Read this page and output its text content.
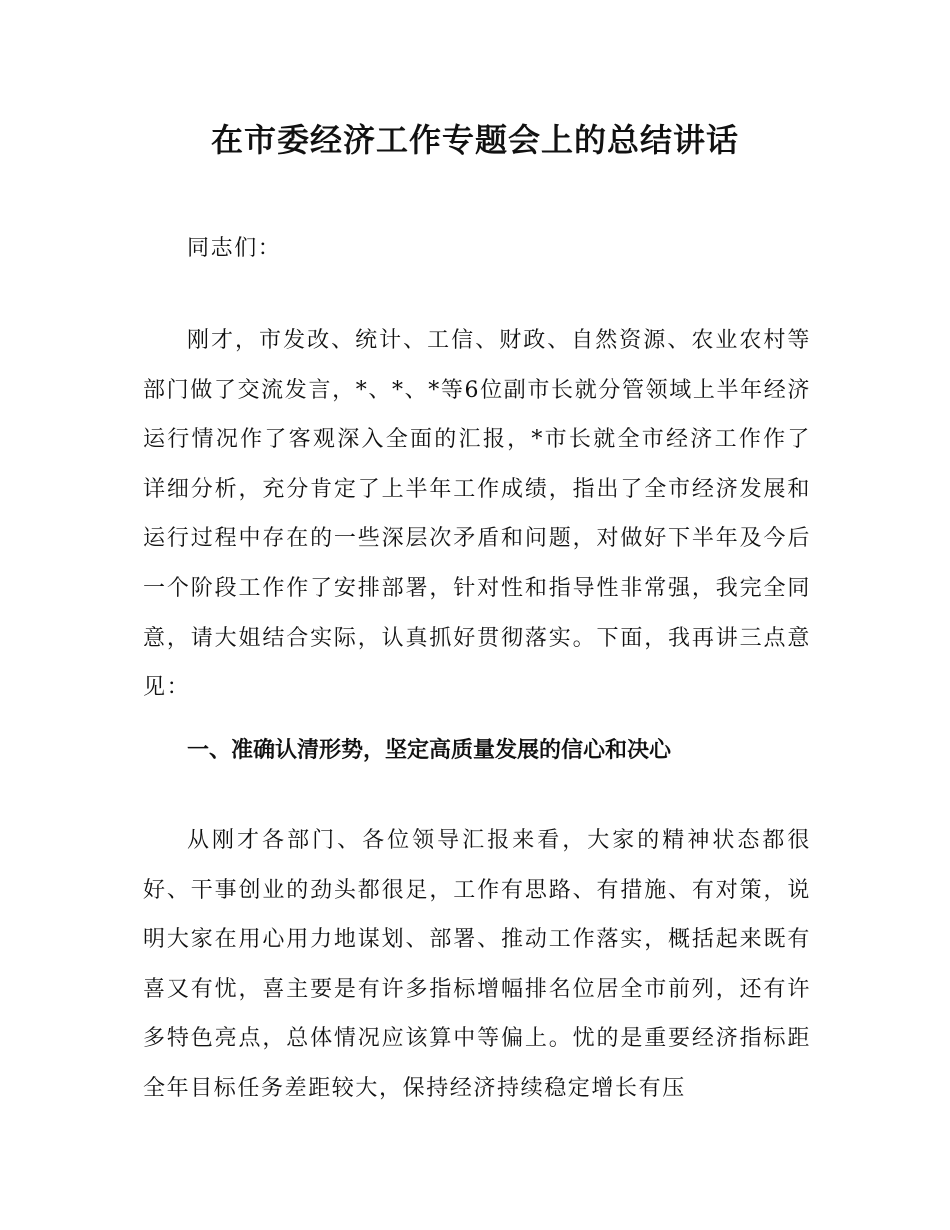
在市委经济工作专题会上的总结讲话

同志们：

刚才，市发改、统计、工信、财政、自然资源、农业农村等部门做了交流发言，*、*、*等6位副市长就分管领域上半年经济运行情况作了客观深入全面的汇报，*市长就全市经济工作作了详细分析，充分肯定了上半年工作成绩，指出了全市经济发展和运行过程中存在的一些深层次矛盾和问题，对做好下半年及今后一个阶段工作作了安排部署，针对性和指导性非常强，我完全同意，请大姐结合实际，认真抓好贯彻落实。下面，我再讲三点意见：

一、准确认清形势，坚定高质量发展的信心和决心

从刚才各部门、各位领导汇报来看，大家的精神状态都很好、干事创业的劲头都很足，工作有思路、有措施、有对策，说明大家在用心用力地谋划、部署、推动工作落实，概括起来既有喜又有忧，喜主要是有许多指标增幅排名位居全市前列，还有许多特色亮点，总体情况应该算中等偏上。忧的是重要经济指标距全年目标任务差距较大，保持经济持续稳定增长有压
